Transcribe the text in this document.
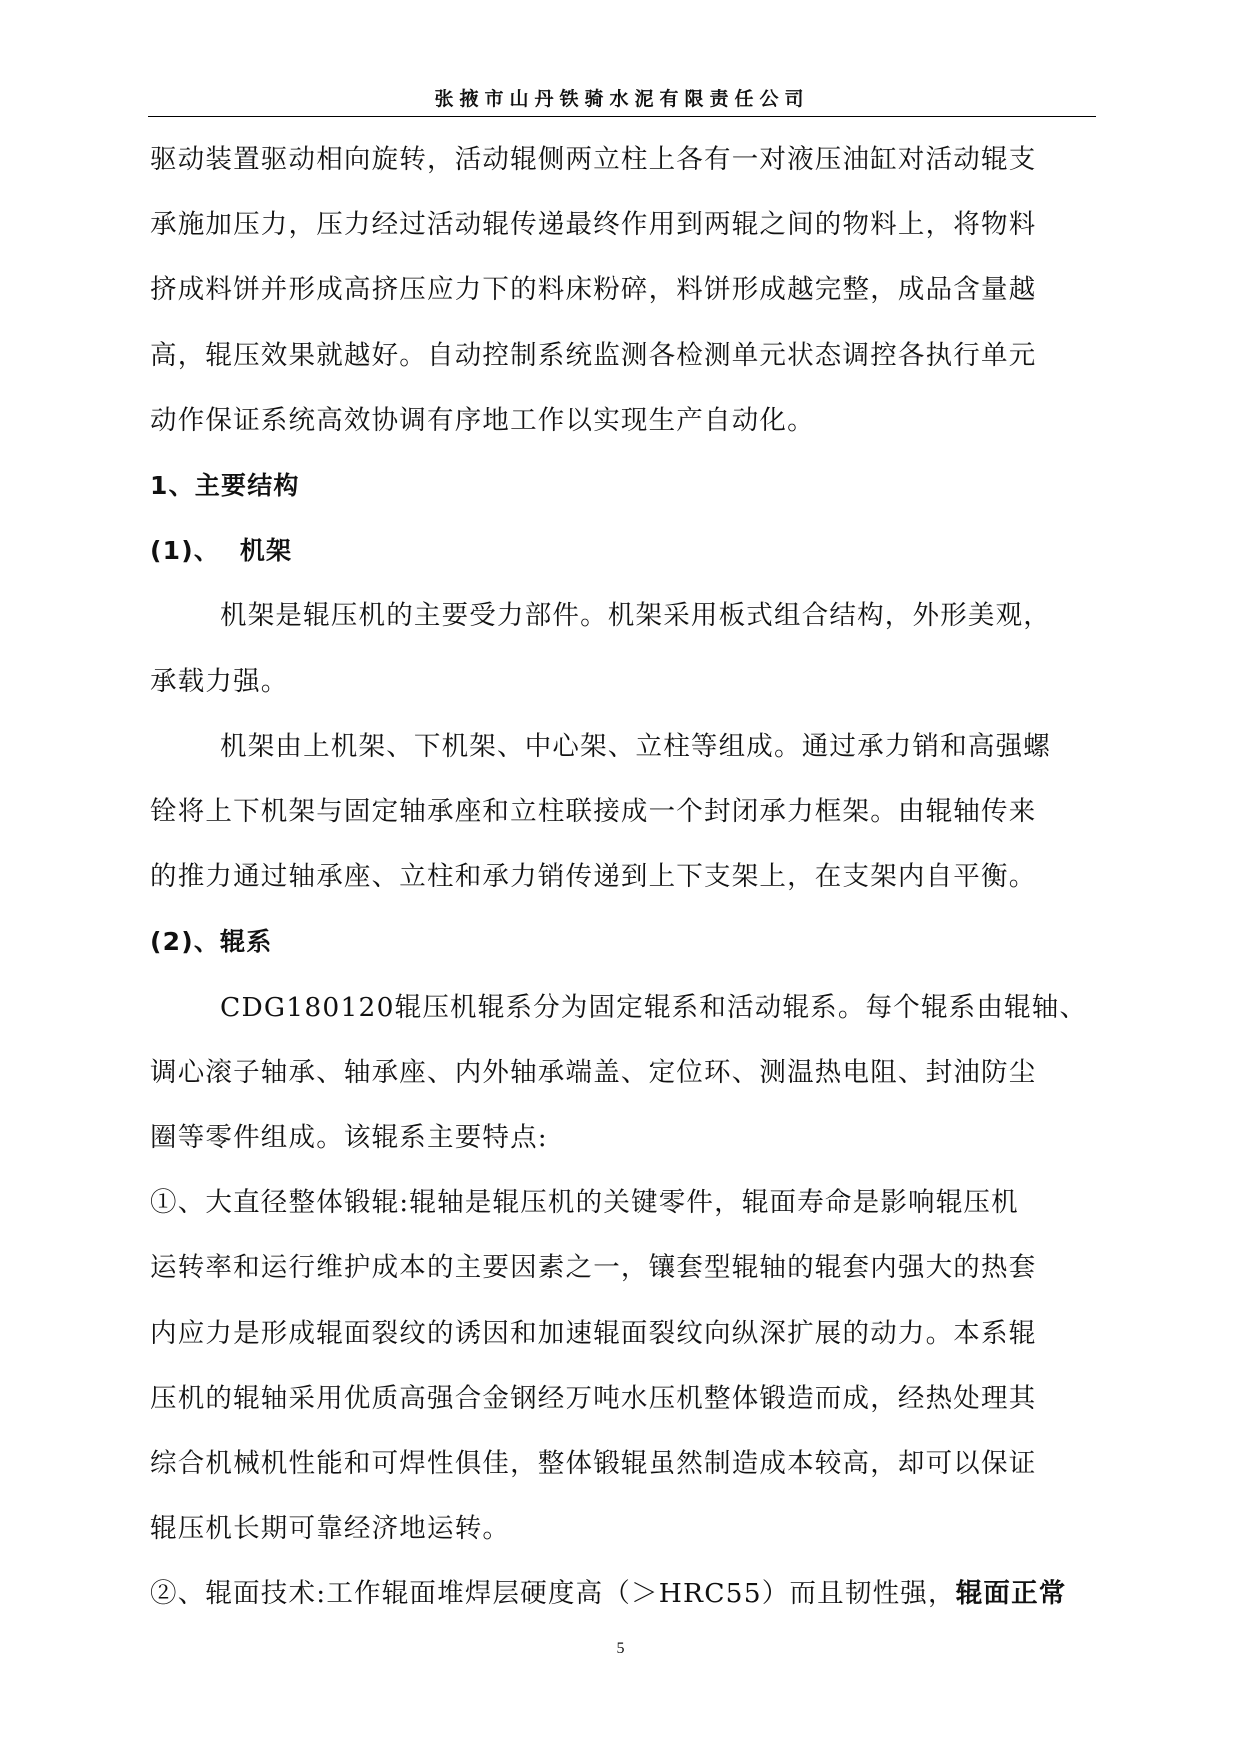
张掖市山丹铁骑水泥有限责任公司

驱动装置驱动相向旋转，活动辊侧两立柱上各有一对液压油缸对活动辊支

承施加压力，压力经过活动辊传递最终作用到两辊之间的物料上，将物料

挤成料饼并形成高挤压应力下的料床粉碎，料饼形成越完整，成品含量越

高，辊压效果就越好。自动控制系统监测各检测单元状态调控各执行单元

动作保证系统高效协调有序地工作以实现生产自动化。

1、主要结构

(1)、  机架

机架是辊压机的主要受力部件。机架采用板式组合结构，外形美观，

承载力强。

机架由上机架、下机架、中心架、立柱等组成。通过承力销和高强螺

铨将上下机架与固定轴承座和立柱联接成一个封闭承力框架。由辊轴传来

的推力通过轴承座、立柱和承力销传递到上下支架上，在支架内自平衡。

(2)、辊系

CDG180120辊压机辊系分为固定辊系和活动辊系。每个辊系由辊轴、

调心滚子轴承、轴承座、内外轴承端盖、定位环、测温热电阻、封油防尘

圈等零件组成。该辊系主要特点:

①、大直径整体锻辊:辊轴是辊压机的关键零件，辊面寿命是影响辊压机

运转率和运行维护成本的主要因素之一，镶套型辊轴的辊套内强大的热套

内应力是形成辊面裂纹的诱因和加速辊面裂纹向纵深扩展的动力。本系辊

压机的辊轴采用优质高强合金钢经万吨水压机整体锻造而成，经热处理其

综合机械机性能和可焊性俱佳，整体锻辊虽然制造成本较高，却可以保证

辊压机长期可靠经济地运转。

②、辊面技术:工作辊面堆焊层硬度高（＞HRC55）而且韧性强，辊面正常

5
